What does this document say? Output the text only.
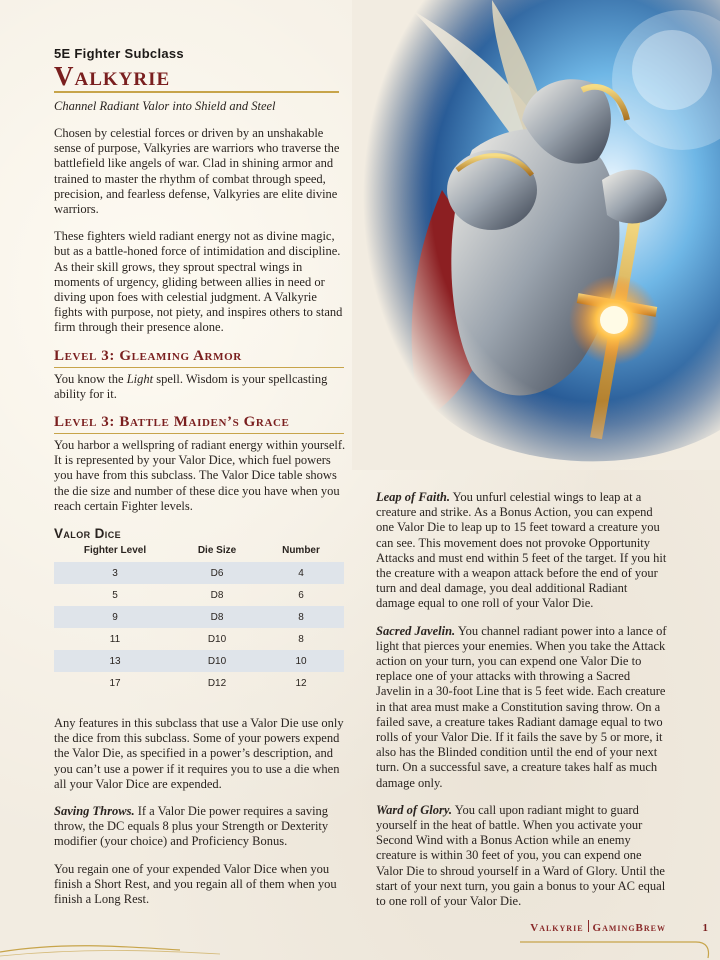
5E Fighter Subclass
Valkyrie
Channel Radiant Valor into Shield and Steel

Chosen by celestial forces or driven by an unshakable sense of purpose, Valkyries are warriors who traverse the battlefield like angels of war. Clad in shining armor and trained to master the rhythm of combat through speed, precision, and fearless defense, Valkyries are elite divine warriors.

These fighters wield radiant energy not as divine magic, but as a battle-honed force of intimidation and discipline. As their skill grows, they sprout spectral wings in moments of urgency, gliding between allies in need or diving upon foes with celestial judgment. A Valkyrie fights with purpose, not piety, and inspires others to stand firm through their presence alone.

Level 3: Gleaming Armor

You know the Light spell. Wisdom is your spellcasting ability for it.

Level 3: Battle Maiden’s Grace

You harbor a wellspring of radiant energy within yourself. It is represented by your Valor Dice, which fuel powers you have from this subclass. The Valor Dice table shows the die size and number of these dice you have when you reach certain Fighter levels.

Valor Dice
Fighter Level	Die Size	Number
3	D6	4
5	D8	6
9	D8	8
11	D10	8
13	D10	10
17	D12	12

Any features in this subclass that use a Valor Die use only the dice from this subclass. Some of your powers expend the Valor Die, as specified in a power’s description, and you can’t use a power if it requires you to use a die when all your Valor Dice are expended.

Saving Throws. If a Valor Die power requires a saving throw, the DC equals 8 plus your Strength or Dexterity modifier (your choice) and Proficiency Bonus.

You regain one of your expended Valor Dice when you finish a Short Rest, and you regain all of them when you finish a Long Rest.

Leap of Faith. You unfurl celestial wings to leap at a creature and strike. As a Bonus Action, you can expend one Valor Die to leap up to 15 feet toward a creature you can see. This movement does not provoke Opportunity Attacks and must end within 5 feet of the target. If you hit the creature with a weapon attack before the end of your turn and deal damage, you deal additional Radiant damage equal to one roll of your Valor Die.

Sacred Javelin. You channel radiant power into a lance of light that pierces your enemies. When you take the Attack action on your turn, you can expend one Valor Die to replace one of your attacks with throwing a Sacred Javelin in a 30-foot Line that is 5 feet wide. Each creature in that area must make a Constitution saving throw. On a failed save, a creature takes Radiant damage equal to two rolls of your Valor Die. If it fails the save by 5 or more, it also has the Blinded condition until the end of your next turn. On a successful save, a creature takes half as much damage only.

Ward of Glory. You call upon radiant might to guard yourself in the heat of battle. When you activate your Second Wind with a Bonus Action while an enemy creature is within 30 feet of you, you can expend one Valor Die to shroud yourself in a Ward of Glory. Until the start of your next turn, you gain a bonus to your AC equal to one roll of your Valor Die.

Valkyrie GamingBrew	1
